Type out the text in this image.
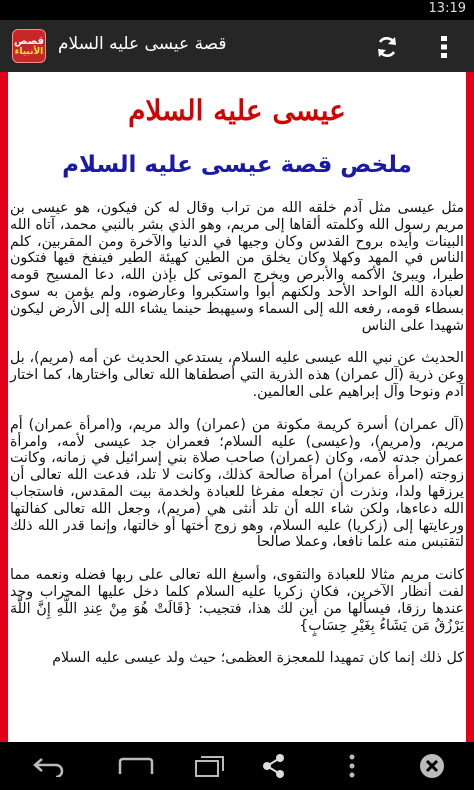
13:19
قصص
الأنبياء قصة عيسى عليه السلام
عيسى عليه السلام
ملخص قصة عيسى عليه السلام

مثل عيسى مثل آدم خلقه الله من تراب وقال له كن فيكون، هو عيسى بن مريم رسول الله وكلمته ألقاها إلى مريم، وهو الذي بشر بالنبي محمد، آتاه الله البينات وأيده بروح القدس وكان وجيها في الدنيا والآخرة ومن المقربين، كلم الناس في المهد وكهلا وكان يخلق من الطين كهيئة الطير فينفخ فيها فتكون طيرا، ويبرئ الأكمه والأبرص ويخرج الموتى كل بإذن الله، دعا المسيح قومه لعبادة الله الواحد الأحد ولكنهم أبوا واستكبروا وعارضوه، ولم يؤمن به سوى بسطاء قومه، رفعه الله إلى السماء وسيهبط حينما يشاء الله إلى الأرض ليكون شهيدا على الناس

الحديث عن نبي الله عيسى عليه السلام، يستدعي الحديث عن أمه (مريم)، بل وعن ذرية (آل عمران) هذه الذرية التي أصطفاها الله تعالى واختارها، كما اختار آدم ونوحا وآل إبراهيم على العالمين.

(آل عمران) أسرة كريمة مكونة من (عمران) والد مريم، و(امرأة عمران) أم مريم، و(مريم)، و(عيسى) عليه السلام؛ فعمران جد عيسى لأمه، وامرأة عمران جدته لأمه، وكان (عمران) صاحب صلاة بني إسرائيل في زمانه، وكانت زوجته (امرأة عمران) امرأة صالحة كذلك، وكانت لا تلد، فدعت الله تعالى أن يرزقها ولدا، ونذرت أن تجعله مفرغا للعبادة ولخدمة بيت المقدس، فاستجاب الله دعاءها، ولكن شاء الله أن تلد أنثى هي (مريم)، وجعل الله تعالى كفالتها ورعايتها إلى (زكريا) عليه السلام، وهو زوج أختها أو خالتها، وإنما قدر الله ذلك لتقتبس منه علما نافعا، وعملا صالحا

كانت مريم مثالا للعبادة والتقوى، وأسبغ الله تعالى على ربها فضله ونعمه مما لفت أنظار الآخرين، فكان زكريا عليه السلام كلما دخل عليها المحراب وجد عندها رزقا، فيسألها من أين لك هذا، فتجيب: {قَالَتْ هُوَ مِنْ عِندِ اللَّهِ إِنَّ اللَّهَ يَرْزُقُ مَن يَشَاءُ بِغَيْرِ حِسَابٍ}

كل ذلك إنما كان تمهيدا للمعجزة العظمى؛ حيث ولد عيسى عليه السلام
